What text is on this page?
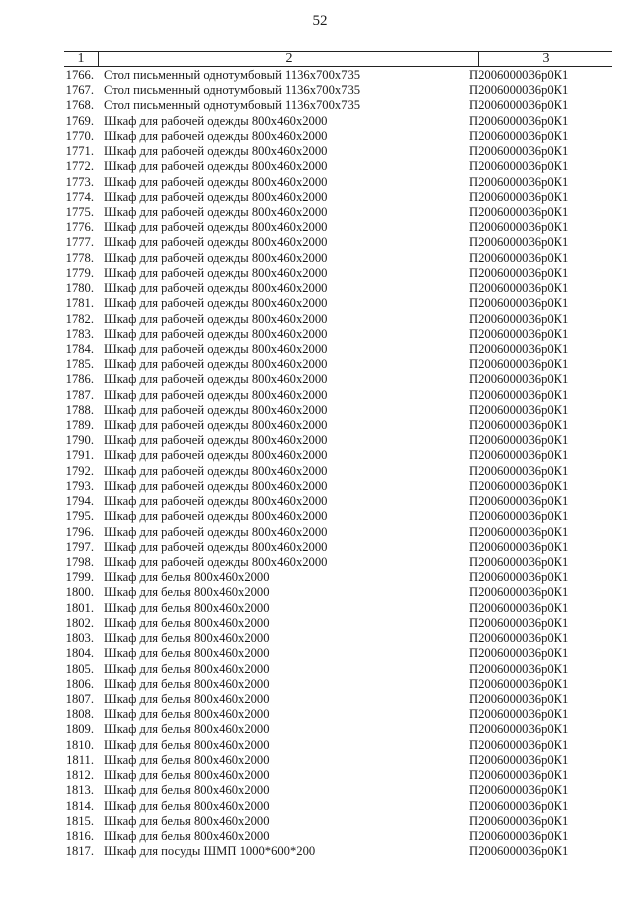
52
1	2	3
1766. Стол письменный однотумбовый 1136х700х735	П2006000036р0К1
1767. Стол письменный однотумбовый 1136х700х735	П2006000036р0К1
1768. Стол письменный однотумбовый 1136х700х735	П2006000036р0К1
1769. Шкаф для рабочей одежды 800х460х2000	П2006000036р0К1
1770. Шкаф для рабочей одежды 800х460х2000	П2006000036р0К1
1771. Шкаф для рабочей одежды 800х460х2000	П2006000036р0К1
1772. Шкаф для рабочей одежды 800х460х2000	П2006000036р0К1
1773. Шкаф для рабочей одежды 800х460х2000	П2006000036р0К1
1774. Шкаф для рабочей одежды 800х460х2000	П2006000036р0К1
1775. Шкаф для рабочей одежды 800х460х2000	П2006000036р0К1
1776. Шкаф для рабочей одежды 800х460х2000	П2006000036р0К1
1777. Шкаф для рабочей одежды 800х460х2000	П2006000036р0К1
1778. Шкаф для рабочей одежды 800х460х2000	П2006000036р0К1
1779. Шкаф для рабочей одежды 800х460х2000	П2006000036р0К1
1780. Шкаф для рабочей одежды 800х460х2000	П2006000036р0К1
1781. Шкаф для рабочей одежды 800х460х2000	П2006000036р0К1
1782. Шкаф для рабочей одежды 800х460х2000	П2006000036р0К1
1783. Шкаф для рабочей одежды 800х460х2000	П2006000036р0К1
1784. Шкаф для рабочей одежды 800х460х2000	П2006000036р0К1
1785. Шкаф для рабочей одежды 800х460х2000	П2006000036р0К1
1786. Шкаф для рабочей одежды 800х460х2000	П2006000036р0К1
1787. Шкаф для рабочей одежды 800х460х2000	П2006000036р0К1
1788. Шкаф для рабочей одежды 800х460х2000	П2006000036р0К1
1789. Шкаф для рабочей одежды 800х460х2000	П2006000036р0К1
1790. Шкаф для рабочей одежды 800х460х2000	П2006000036р0К1
1791. Шкаф для рабочей одежды 800х460х2000	П2006000036р0К1
1792. Шкаф для рабочей одежды 800х460х2000	П2006000036р0К1
1793. Шкаф для рабочей одежды 800х460х2000	П2006000036р0К1
1794. Шкаф для рабочей одежды 800х460х2000	П2006000036р0К1
1795. Шкаф для рабочей одежды 800х460х2000	П2006000036р0К1
1796. Шкаф для рабочей одежды 800х460х2000	П2006000036р0К1
1797. Шкаф для рабочей одежды 800х460х2000	П2006000036р0К1
1798. Шкаф для рабочей одежды 800х460х2000	П2006000036р0К1
1799. Шкаф для белья 800х460х2000	П2006000036р0К1
1800. Шкаф для белья 800х460х2000	П2006000036р0К1
1801. Шкаф для белья 800х460х2000	П2006000036р0К1
1802. Шкаф для белья 800х460х2000	П2006000036р0К1
1803. Шкаф для белья 800х460х2000	П2006000036р0К1
1804. Шкаф для белья 800х460х2000	П2006000036р0К1
1805. Шкаф для белья 800х460х2000	П2006000036р0К1
1806. Шкаф для белья 800х460х2000	П2006000036р0К1
1807. Шкаф для белья 800х460х2000	П2006000036р0К1
1808. Шкаф для белья 800х460х2000	П2006000036р0К1
1809. Шкаф для белья 800х460х2000	П2006000036р0К1
1810. Шкаф для белья 800х460х2000	П2006000036р0К1
1811. Шкаф для белья 800х460х2000	П2006000036р0К1
1812. Шкаф для белья 800х460х2000	П2006000036р0К1
1813. Шкаф для белья 800х460х2000	П2006000036р0К1
1814. Шкаф для белья 800х460х2000	П2006000036р0К1
1815. Шкаф для белья 800х460х2000	П2006000036р0К1
1816. Шкаф для белья 800х460х2000	П2006000036р0К1
1817. Шкаф для посуды ШМП 1000*600*200	П2006000036р0К1
